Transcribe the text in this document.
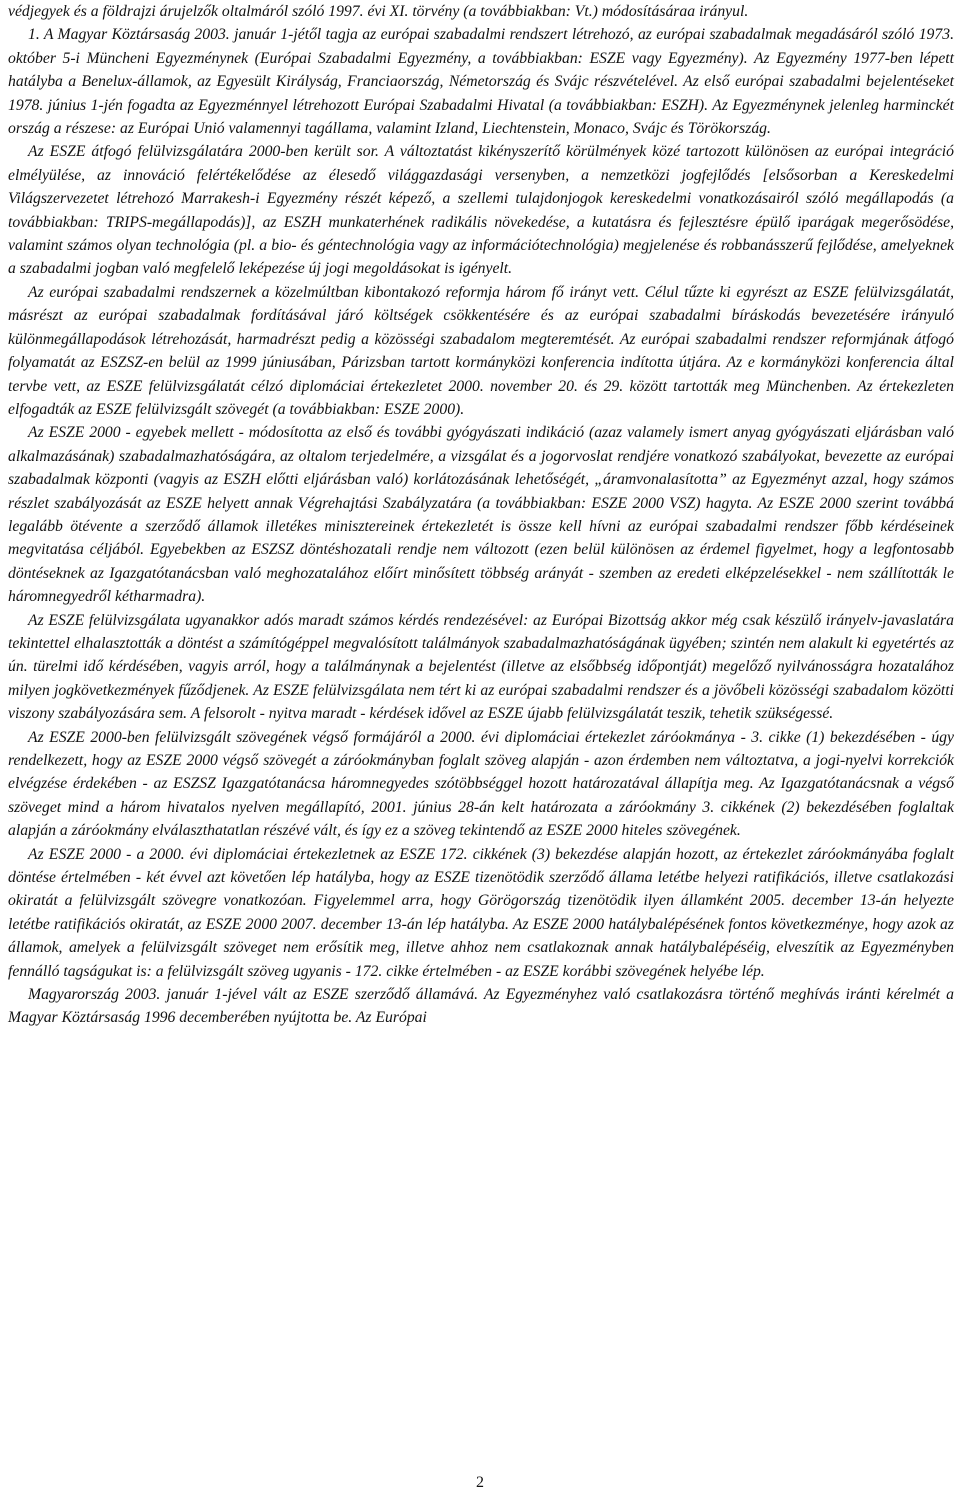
védjegyek és a földrajzi árujelzők oltalmáról szóló 1997. évi XI. törvény (a továbbiakban: Vt.) módosításáraa irányul.

1. A Magyar Köztársaság 2003. január 1-jétől tagja az európai szabadalmi rendszert létrehozó, az európai szabadalmak megadásáról szóló 1973. október 5-i Müncheni Egyezménynek (Európai Szabadalmi Egyezmény, a továbbiakban: ESZE vagy Egyezmény). Az Egyezmény 1977-ben lépett hatályba a Benelux-államok, az Egyesült Királyság, Franciaország, Németország és Svájc részvételével. Az első európai szabadalmi bejelentéseket 1978. június 1-jén fogadta az Egyezménnyel létrehozott Európai Szabadalmi Hivatal (a továbbiakban: ESZH). Az Egyezménynek jelenleg harminckét ország a részese: az Európai Unió valamennyi tagállama, valamint Izland, Liechtenstein, Monaco, Svájc és Törökország.

Az ESZE átfogó felülvizsgálatára 2000-ben került sor. A változtatást kikényszerítő körülmények közé tartozott különösen az európai integráció elmélyülése, az innováció felértékelődése az élesedő világgazdasági versenyben, a nemzetközi jogfejlődés [elsősorban a Kereskedelmi Világszervezetet létrehozó Marrakesh-i Egyezmény részét képező, a szellemi tulajdonjogok kereskedelmi vonatkozásairól szóló megállapodás (a továbbiakban: TRIPS-megállapodás)], az ESZH munkaterhének radikális növekedése, a kutatásra és fejlesztésre épülő iparágak megerősödése, valamint számos olyan technológia (pl. a bio- és géntechnológia vagy az információtechnológia) megjelenése és robbanásszerű fejlődése, amelyeknek a szabadalmi jogban való megfelelő leképezése új jogi megoldásokat is igényelt.

Az európai szabadalmi rendszernek a közelmúltban kibontakozó reformja három fő irányt vett. Célul tűzte ki egyrészt az ESZE felülvizsgálatát, másrészt az európai szabadalmak fordításával járó költségek csökkentésére és az európai szabadalmi bíráskodás bevezetésére irányuló különmegállapodások létrehozását, harmadrészt pedig a közösségi szabadalom megteremtését. Az európai szabadalmi rendszer reformjának átfogó folyamatát az ESZSZ-en belül az 1999 júniusában, Párizsban tartott kormányközi konferencia indította útjára. Az e kormányközi konferencia által tervbe vett, az ESZE felülvizsgálatát célzó diplomáciai értekezletet 2000. november 20. és 29. között tartották meg Münchenben. Az értekezleten elfogadták az ESZE felülvizsgált szövegét (a továbbiakban: ESZE 2000).

Az ESZE 2000 - egyebek mellett - módosította az első és további gyógyászati indikáció (azaz valamely ismert anyag gyógyászati eljárásban való alkalmazásának) szabadalmazhatóságára, az oltalom terjedelmére, a vizsgálat és a jogorvoslat rendjére vonatkozó szabályokat, bevezette az európai szabadalmak központi (vagyis az ESZH előtti eljárásban való) korlátozásának lehetőségét, „áramvonalasította” az Egyezményt azzal, hogy számos részlet szabályozását az ESZE helyett annak Végrehajtási Szabályzatára (a továbbiakban: ESZE 2000 VSZ) hagyta. Az ESZE 2000 szerint továbbá legalább ötévente a szerződő államok illetékes minisztereinek értekezletét is össze kell hívni az európai szabadalmi rendszer főbb kérdéseinek megvitatása céljából. Egyebekben az ESZSZ döntéshozatali rendje nem változott (ezen belül különösen az érdemel figyelmet, hogy a legfontosabb döntéseknek az Igazgatótanácsban való meghozatalához előírt minősített többség arányát - szemben az eredeti elképzelésekkel - nem szállították le háromnegyedről kétharmadra).

Az ESZE felülvizsgálata ugyanakkor adós maradt számos kérdés rendezésével: az Európai Bizottság akkor még csak készülő irányelv-javaslatára tekintettel elhalasztották a döntést a számítógéppel megvalósított találmányok szabadalmazhatóságának ügyében; szintén nem alakult ki egyetértés az ún. türelmi idő kérdésében, vagyis arról, hogy a találmánynak a bejelentést (illetve az elsőbbség időpontját) megelőző nyilvánosságra hozatalához milyen jogkövetkezmények fűződjenek. Az ESZE felülvizsgálata nem tért ki az európai szabadalmi rendszer és a jövőbeli közösségi szabadalom közötti viszony szabályozására sem. A felsorolt - nyitva maradt - kérdések idővel az ESZE újabb felülvizsgálatát teszik, tehetik szükségessé.

Az ESZE 2000-ben felülvizsgált szövegének végső formájáról a 2000. évi diplomáciai értekezlet záróokmánya - 3. cikke (1) bekezdésében - úgy rendelkezett, hogy az ESZE 2000 végső szövegét a záróokmányban foglalt szöveg alapján - azon érdemben nem változtatva, a jogi-nyelvi korrekciók elvégzése érdekében - az ESZSZ Igazgatótanácsa háromnegyedes szótöbbséggel hozott határozatával állapítja meg. Az Igazgatótanácsnak a végső szöveget mind a három hivatalos nyelven megállapító, 2001. június 28-án kelt határozata a záróokmány 3. cikkének (2) bekezdésében foglaltak alapján a záróokmány elválaszthatatlan részévé vált, és így ez a szöveg tekintendő az ESZE 2000 hiteles szövegének.

Az ESZE 2000 - a 2000. évi diplomáciai értekezletnek az ESZE 172. cikkének (3) bekezdése alapján hozott, az értekezlet záróokmányába foglalt döntése értelmében - két évvel azt követően lép hatályba, hogy az ESZE tizenötödik szerződő állama letétbe helyezi ratifikációs, illetve csatlakozási okiratát a felülvizsgált szövegre vonatkozóan. Figyelemmel arra, hogy Görögország tizenötödik ilyen államként 2005. december 13-án helyezte letétbe ratifikációs okiratát, az ESZE 2000 2007. december 13-án lép hatályba. Az ESZE 2000 hatálybalépésének fontos következménye, hogy azok az államok, amelyek a felülvizsgált szöveget nem erősítik meg, illetve ahhoz nem csatlakoznak annak hatálybalépéséig, elveszítik az Egyezményben fennálló tagságukat is: a felülvizsgált szöveg ugyanis - 172. cikke értelmében - az ESZE korábbi szövegének helyébe lép.

Magyarország 2003. január 1-jével vált az ESZE szerződő államává. Az Egyezményhez való csatlakozásra történő meghívás iránti kérelmét a Magyar Köztársaság 1996 decemberében nyújtotta be. Az Európai

2
